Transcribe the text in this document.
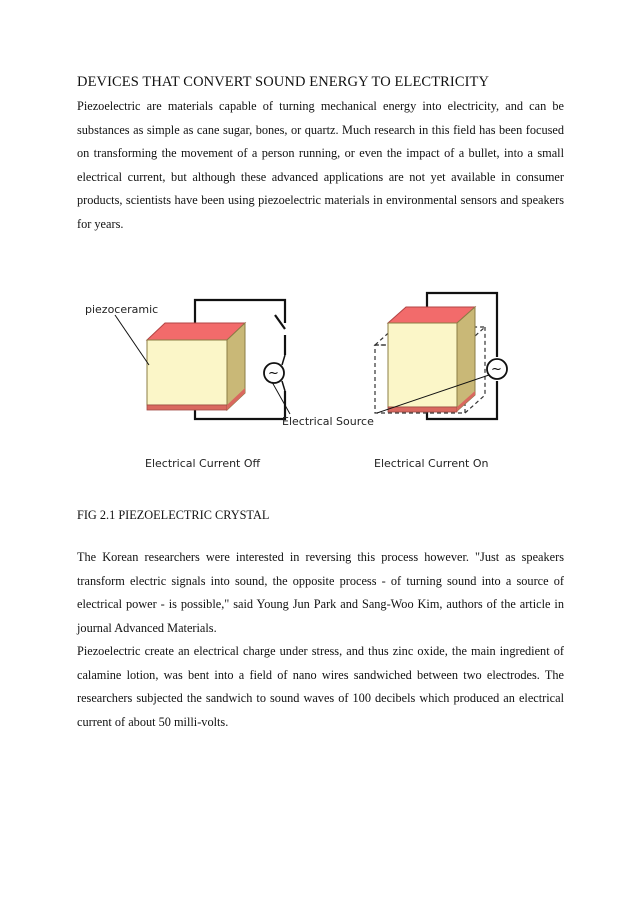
DEVICES THAT CONVERT SOUND ENERGY TO ELECTRICITY
Piezoelectric are materials capable of turning mechanical energy into electricity, and can be substances as simple as cane sugar, bones, or quartz. Much research in this field has been focused on transforming the movement of a person running, or even the impact of a bullet, into a small electrical current, but although these advanced applications are not yet available in consumer products, scientists have been using piezoelectric materials in environmental sensors and speakers for years.
~
piezoceramic
~
Electrical Source
Electrical Current Off	Electrical Current On
FIG 2.1 PIEZOELECTRIC CRYSTAL
The Korean researchers were interested in reversing this process however. "Just as speakers transform electric signals into sound, the opposite process - of turning sound into a source of electrical power - is possible," said Young Jun Park and Sang-Woo Kim, authors of the article in journal Advanced Materials.
Piezoelectric create an electrical charge under stress, and thus zinc oxide, the main ingredient of calamine lotion, was bent into a field of nano wires sandwiched between two electrodes. The researchers subjected the sandwich to sound waves of 100 decibels which produced an electrical current of about 50 milli-volts.
